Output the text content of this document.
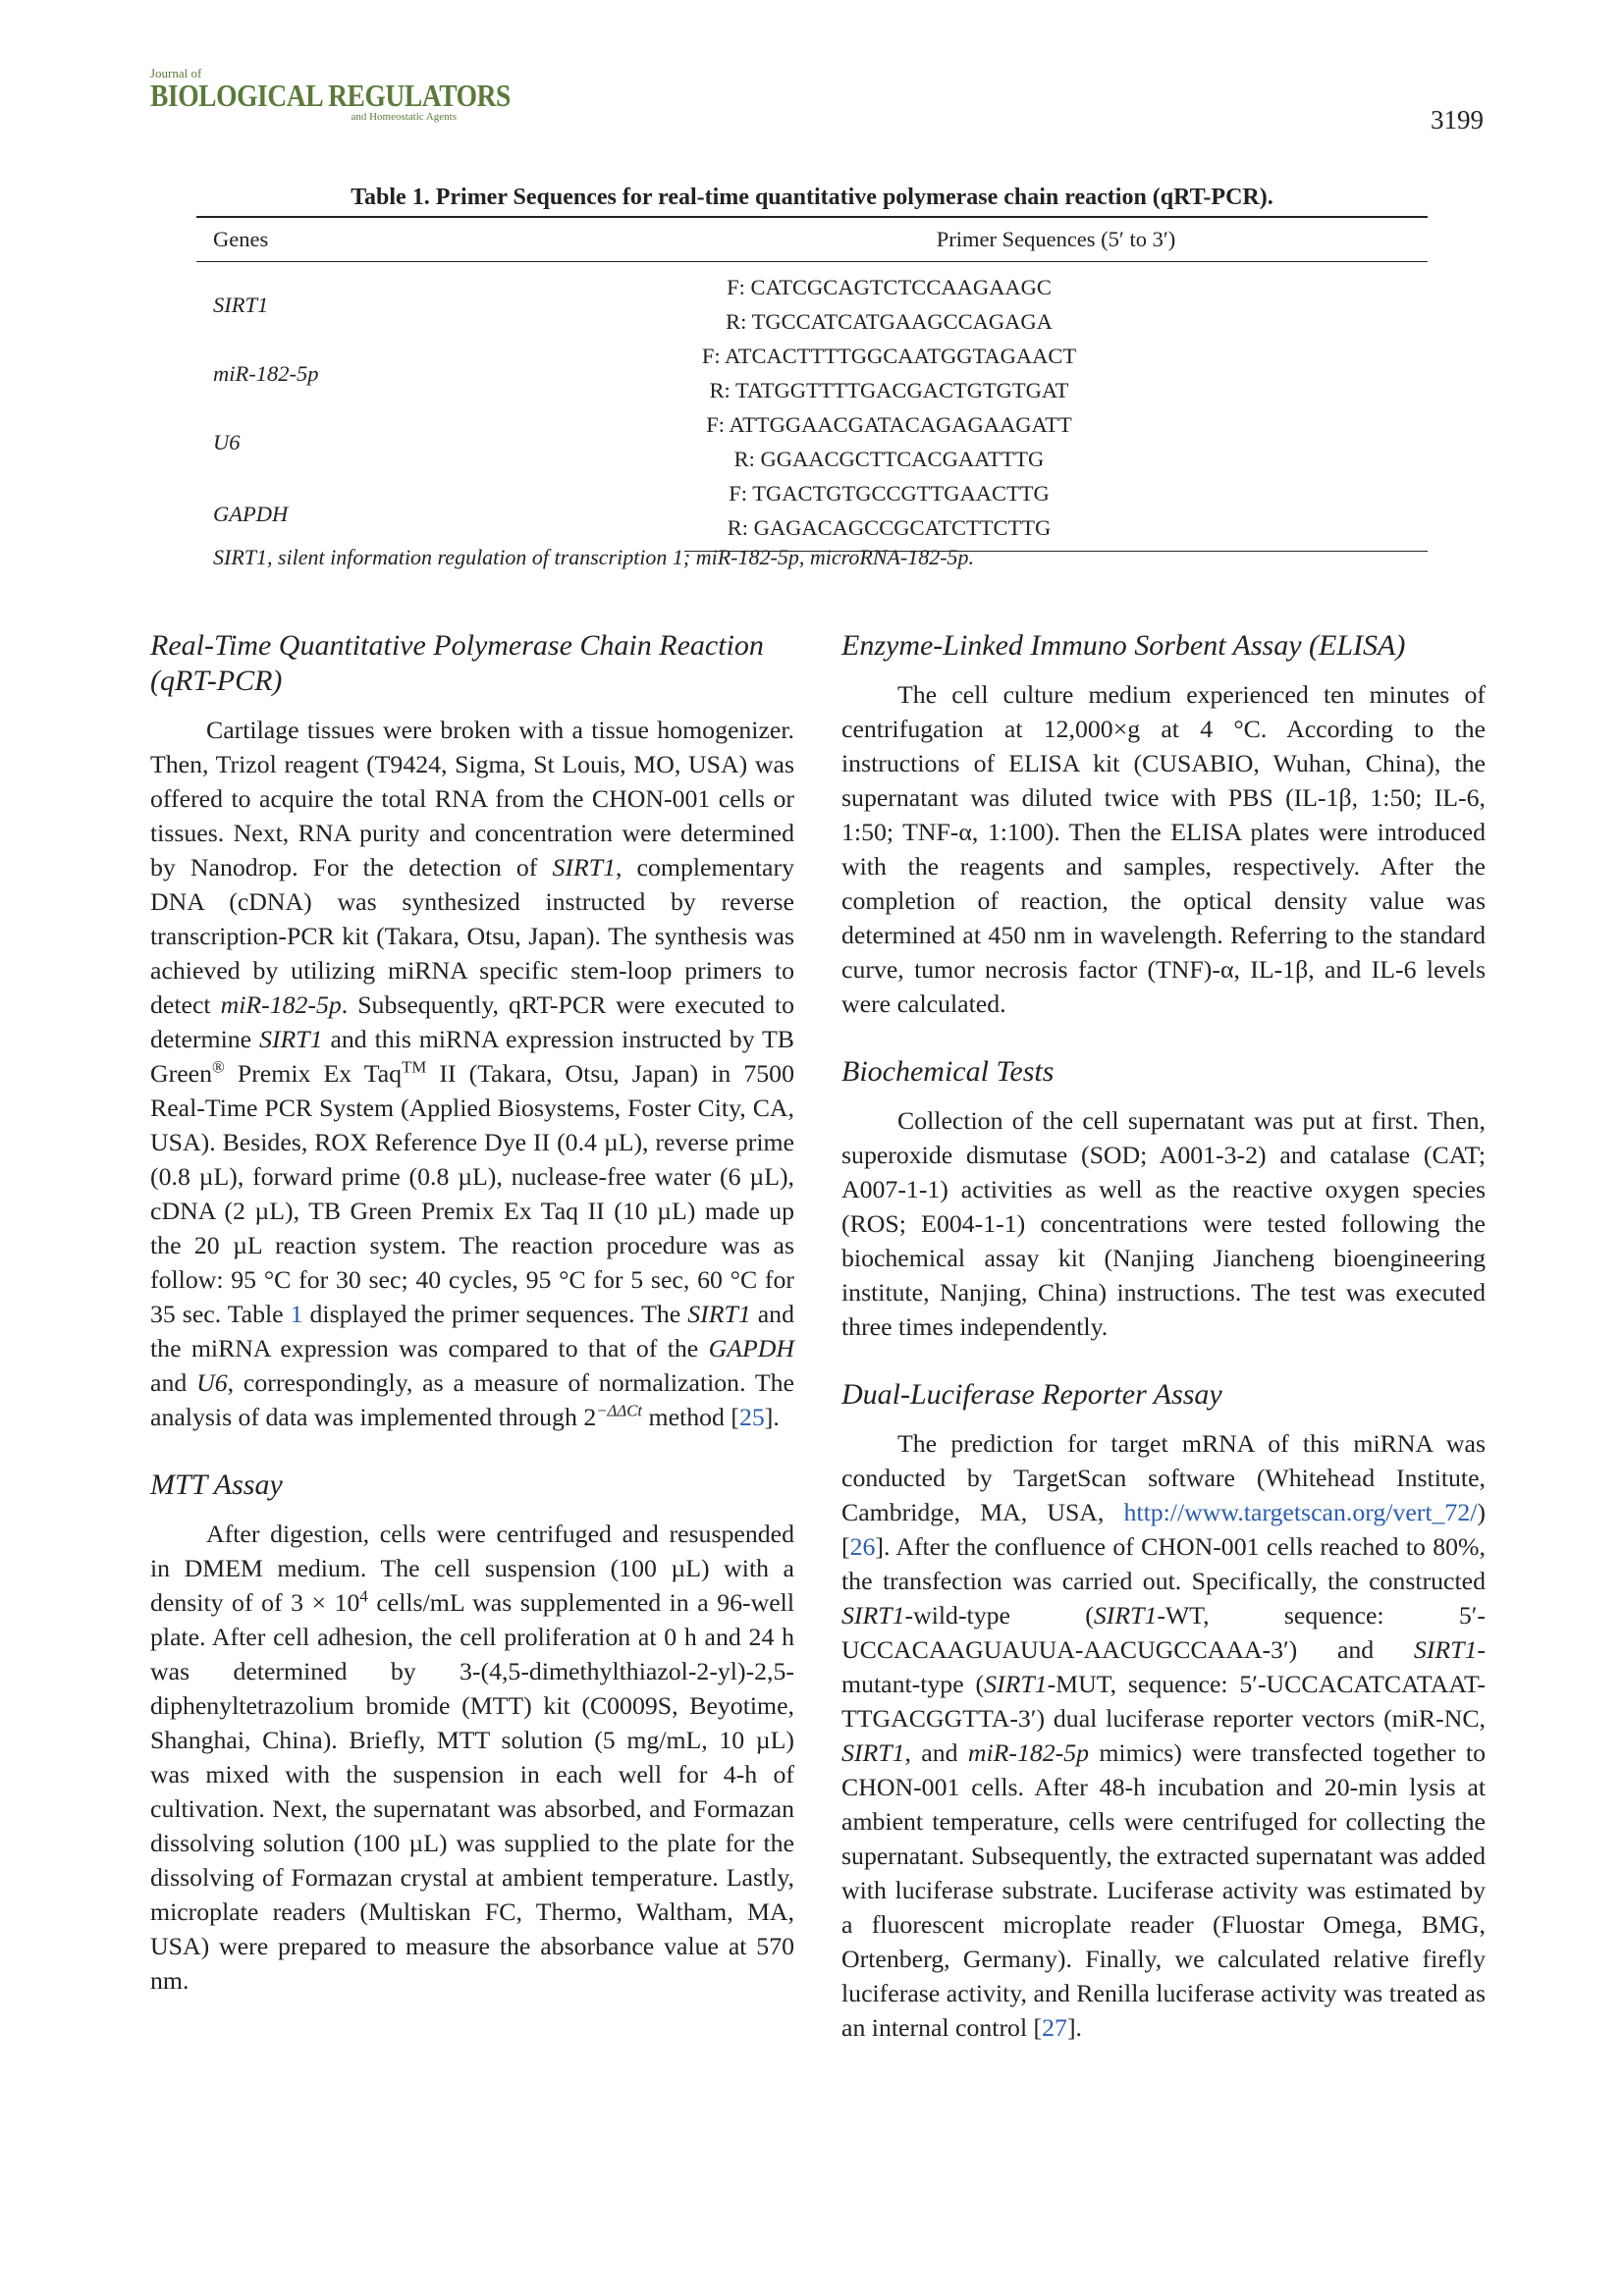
Journal of
BIOLOGICAL REGULATORS
and Homeostatic Agents	3199
Table 1. Primer Sequences for real-time quantitative polymerase chain reaction (qRT-PCR).
Genes	Primer Sequences (5′ to 3′)
SIRT1	F: CATCGCAGTCTCCAAGAAGC
	R: TGCCATCATGAAGCCAGAGA
miR-182-5p	F: ATCACTTTTGGCAATGGTAGAACT
	R: TATGGTTTTGACGACTGTGTGAT
U6	F: ATTGGAACGATACAGAGAAGATT
	R: GGAACGCTTCACGAATTTG
GAPDH	F: TGACTGTGCCGTTGAACTTG
	R: GAGACAGCCGCATCTTCTTG
SIRT1, silent information regulation of transcription 1; miR-182-5p, microRNA-182-5p.
Real-Time Quantitative Polymerase Chain Reaction (qRT-PCR)

Cartilage tissues were broken with a tissue homogenizer. Then, Trizol reagent (T9424, Sigma, St Louis, MO, USA) was offered to acquire the total RNA from the CHON-001 cells or tissues. Next, RNA purity and concentration were determined by Nanodrop. For the detection of SIRT1, complementary DNA (cDNA) was synthesized instructed by reverse transcription-PCR kit (Takara, Otsu, Japan). The synthesis was achieved by utilizing miRNA specific stem-loop primers to detect miR-182-5p. Subsequently, qRT-PCR were executed to determine SIRT1 and this miRNA expression instructed by TB Green® Premix Ex Taq™ II (Takara, Otsu, Japan) in 7500 Real-Time PCR System (Applied Biosystems, Foster City, CA, USA). Besides, ROX Reference Dye II (0.4 µL), reverse prime (0.8 µL), forward prime (0.8 µL), nuclease-free water (6 µL), cDNA (2 µL), TB Green Premix Ex Taq II (10 µL) made up the 20 µL reaction system. The reaction procedure was as follow: 95 °C for 30 sec; 40 cycles, 95 °C for 5 sec, 60 °C for 35 sec. Table 1 displayed the primer sequences. The SIRT1 and the miRNA expression was compared to that of the GAPDH and U6, correspondingly, as a measure of normalization. The analysis of data was implemented through $2^{-\Delta\Delta Ct}$ method [25].

MTT Assay

After digestion, cells were centrifuged and resuspended in DMEM medium. The cell suspension (100 µL) with a density of of $3 \times 10^4$ cells/mL was supplemented in a 96-well plate. After cell adhesion, the cell proliferation at 0 h and 24 h was determined by 3-(4,5-dimethylthiazol-2-yl)-2,5-diphenyltetrazolium bromide (MTT) kit (C0009S, Beyotime, Shanghai, China). Briefly, MTT solution (5 mg/mL, 10 µL) was mixed with the suspension in each well for 4-h of cultivation. Next, the supernatant was absorbed, and Formazan dissolving solution (100 µL) was supplied to the plate for the dissolving of Formazan crystal at ambient temperature. Lastly, microplate readers (Multiskan FC, Thermo, Waltham, MA, USA) were prepared to measure the absorbance value at 570 nm.

Enzyme-Linked Immuno Sorbent Assay (ELISA)

The cell culture medium experienced ten minutes of centrifugation at 12,000×g at 4 °C. According to the instructions of ELISA kit (CUSABIO, Wuhan, China), the supernatant was diluted twice with PBS (IL-1β, 1:50; IL-6, 1:50; TNF-α, 1:100). Then the ELISA plates were introduced with the reagents and samples, respectively. After the completion of reaction, the optical density value was determined at 450 nm in wavelength. Referring to the standard curve, tumor necrosis factor (TNF)-α, IL-1β, and IL-6 levels were calculated.

Biochemical Tests

Collection of the cell supernatant was put at first. Then, superoxide dismutase (SOD; A001-3-2) and catalase (CAT; A007-1-1) activities as well as the reactive oxygen species (ROS; E004-1-1) concentrations were tested following the biochemical assay kit (Nanjing Jiancheng bioengineering institute, Nanjing, China) instructions. The test was executed three times independently.

Dual-Luciferase Reporter Assay

The prediction for target mRNA of this miRNA was conducted by TargetScan software (Whitehead Institute, Cambridge, MA, USA, http://www.targetscan.org/vert_72/) [26]. After the confluence of CHON-001 cells reached to 80%, the transfection was carried out. Specifically, the constructed SIRT1-wild-type (SIRT1-WT, sequence: 5′-UCCACAAGUAUUA-AACUGCCAAA-3′) and SIRT1-mutant-type (SIRT1-MUT, sequence: 5′-UCCACATCATAAT-TTGACGGTTA-3′) dual luciferase reporter vectors (miR-NC, SIRT1, and miR-182-5p mimics) were transfected together to CHON-001 cells. After 48-h incubation and 20-min lysis at ambient temperature, cells were centrifuged for collecting the supernatant. Subsequently, the extracted supernatant was added with luciferase substrate. Luciferase activity was estimated by a fluorescent microplate reader (Fluostar Omega, BMG, Ortenberg, Germany). Finally, we calculated relative firefly luciferase activity, and Renilla luciferase activity was treated as an internal control [27].
